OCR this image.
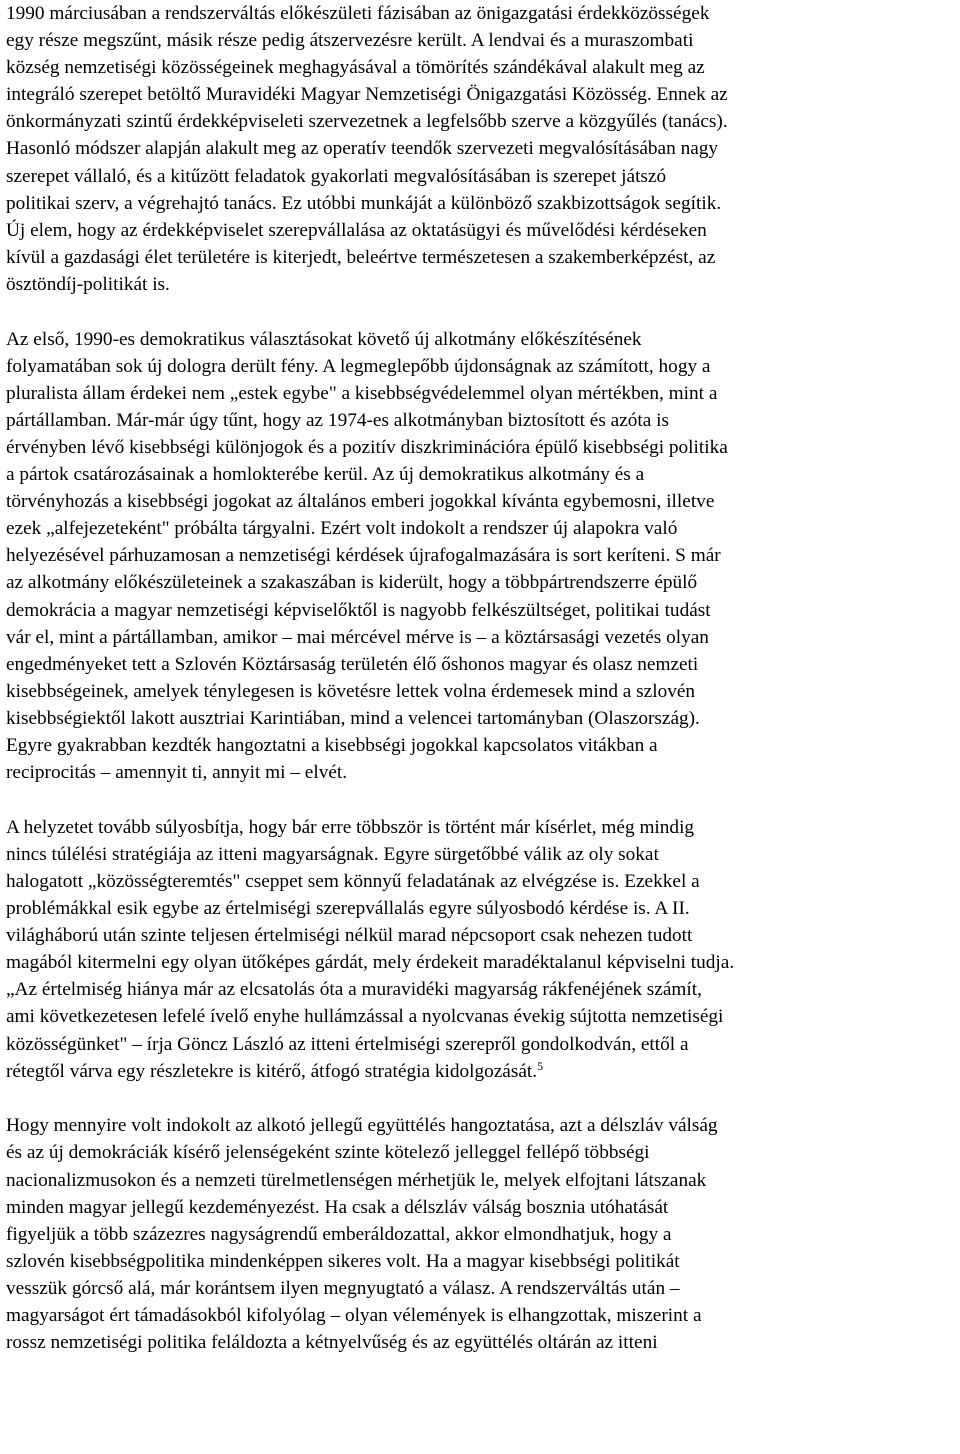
1990 márciusában a rendszerváltás előkészületi fázisában az önigazgatási érdekközösségek
egy része megszűnt, másik része pedig átszervezésre került. A lendvai és a muraszombati
község nemzetiségi közösségeinek meghagyásával a tömörítés szándékával alakult meg az
integráló szerepet betöltő Muravidéki Magyar Nemzetiségi Önigazgatási Közösség. Ennek az
önkormányzati szintű érdekképviseleti szervezetnek a legfelsőbb szerve a közgyűlés (tanács).
Hasonló módszer alapján alakult meg az operatív teendők szervezeti megvalósításában nagy
szerepet vállaló, és a kitűzött feladatok gyakorlati megvalósításában is szerepet játszó
politikai szerv, a végrehajtó tanács. Ez utóbbi munkáját a különböző szakbizottságok segítik.
Új elem, hogy az érdekképviselet szerepvállalása az oktatásügyi és művelődési kérdéseken
kívül a gazdasági élet területére is kiterjedt, beleértve természetesen a szakemberképzést, az
ösztöndíj-politikát is.
Az első, 1990-es demokratikus választásokat követő új alkotmány előkészítésének
folyamatában sok új dologra derült fény. A legmeglepőbb újdonságnak az számított, hogy a
pluralista állam érdekei nem „estek egybe" a kisebbségvédelemmel olyan mértékben, mint a
pártállamban. Már-már úgy tűnt, hogy az 1974-es alkotmányban biztosított és azóta is
érvényben lévő kisebbségi különjogok és a pozitív diszkriminációra épülő kisebbségi politika
a pártok csatározásainak a homlokterébe kerül. Az új demokratikus alkotmány és a
törvényhozás a kisebbségi jogokat az általános emberi jogokkal kívánta egybemosni, illetve
ezek „alfejezeteként" próbálta tárgyalni. Ezért volt indokolt a rendszer új alapokra való
helyezésével párhuzamosan a nemzetiségi kérdések újrafogalmazására is sort keríteni. S már
az alkotmány előkészületeinek a szakaszában is kiderült, hogy a többpártrendszerre épülő
demokrácia a magyar nemzetiségi képviselőktől is nagyobb felkészültséget, politikai tudást
vár el, mint a pártállamban, amikor – mai mércével mérve is – a köztársasági vezetés olyan
engedményeket tett a Szlovén Köztársaság területén élő őshonos magyar és olasz nemzeti
kisebbségeinek, amelyek ténylegesen is követésre lettek volna érdemesek mind a szlovén
kisebbségiektől lakott ausztriai Karintiában, mind a velencei tartományban (Olaszország).
Egyre gyakrabban kezdték hangoztatni a kisebbségi jogokkal kapcsolatos vitákban a
reciprocitás – amennyit ti, annyit mi – elvét.
A helyzetet tovább súlyosbítja, hogy bár erre többször is történt már kísérlet, még mindig
nincs túlélési stratégiája az itteni magyarságnak. Egyre sürgetőbbé válik az oly sokat
halogatott „közösségteremtés" cseppet sem könnyű feladatának az elvégzése is. Ezekkel a
problémákkal esik egybe az értelmiségi szerepvállalás egyre súlyosbodó kérdése is. A II.
világháború után szinte teljesen értelmiségi nélkül marad népcsoport csak nehezen tudott
magából kitermelni egy olyan ütőképes gárdát, mely érdekeit maradéktalanul képviselni tudja.
„Az értelmiség hiánya már az elcsatolás óta a muravidéki magyarság rákfenéjének számít,
ami következetesen lefelé ívelő enyhe hullámzással a nyolcvanas évekig sújtotta nemzetiségi
közösségünket" – írja Göncz László az itteni értelmiségi szerepről gondolkodván, ettől a
rétegtől várva egy részletekre is kitérő, átfogó stratégia kidolgozását.$^5$
Hogy mennyire volt indokolt az alkotó jellegű együttélés hangoztatása, azt a délszláv válság
és az új demokráciák kísérő jelenségeként szinte kötelező jelleggel fellépő többségi
nacionalizmusokon és a nemzeti türelmetlenségen mérhetjük le, melyek elfojtani látszanak
minden magyar jellegű kezdeményezést. Ha csak a délszláv válság bosznia utóhatását
figyeljük a több százezres nagyságrendű emberáldozattal, akkor elmondhatjuk, hogy a
szlovén kisebbségpolitika mindenképpen sikeres volt. Ha a magyar kisebbségi politikát
vesszük górcső alá, már korántsem ilyen megnyugtató a válasz. A rendszerváltás után –
magyarságot ért támadásokból kifolyólag – olyan vélemények is elhangzottak, miszerint a
rossz nemzetiségi politika feláldozta a kétnyelvűség és az együttélés oltárán az itteni
